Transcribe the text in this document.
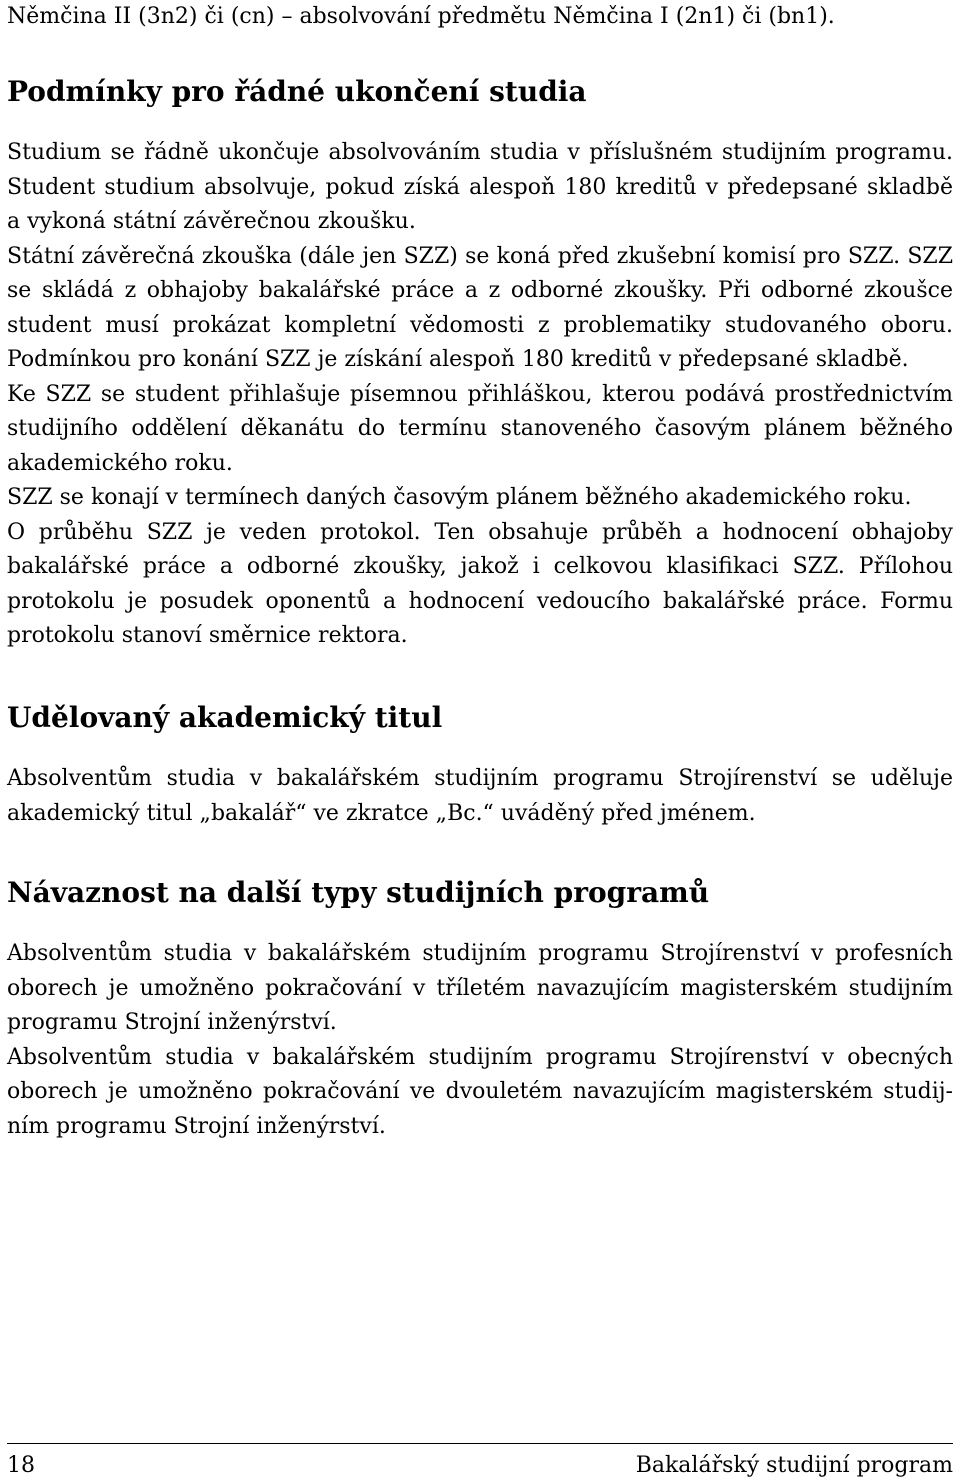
Němčina II (3n2) či (cn) – absolvování předmětu Němčina I (2n1) či (bn1).

Podmínky pro řádné ukončení studia

Studium se řádně ukončuje absolvováním studia v příslušném studijním programu.

Student studium absolvuje, pokud získá alespoň 180 kreditů v předepsané skladbě

a vykoná státní závěrečnou zkoušku.

Státní závěrečná zkouška (dále jen SZZ) se koná před zkušební komisí pro SZZ. SZZ

se skládá z obhajoby bakalářské práce a z odborné zkoušky. Při odborné zkoušce

student musí prokázat kompletní vědomosti z problematiky studovaného oboru.

Podmínkou pro konání SZZ je získání alespoň 180 kreditů v předepsané skladbě.

Ke SZZ se student přihlašuje písemnou přihláškou, kterou podává prostřednictvím

studijního oddělení děkanátu do termínu stanoveného časovým plánem běžného

akademického roku.

SZZ se konají v termínech daných časovým plánem běžného akademického roku.

O průběhu SZZ je veden protokol. Ten obsahuje průběh a hodnocení obhajoby

bakalářské práce a odborné zkoušky, jakož i celkovou klasifikaci SZZ. Přílohou

protokolu je posudek oponentů a hodnocení vedoucího bakalářské práce. Formu

protokolu stanoví směrnice rektora.

Udělovaný akademický titul

Absolventům studia v bakalářském studijním programu Strojírenství se uděluje

akademický titul „bakalář“ ve zkratce „Bc.“ uváděný před jménem.

Návaznost na další typy studijních programů

Absolventům studia v bakalářském studijním programu Strojírenství v profesních

oborech je umožněno pokračování v tříletém navazujícím magisterském studijním

programu Strojní inženýrství.

Absolventům studia v bakalářském studijním programu Strojírenství v obecných

oborech je umožněno pokračování ve dvouletém navazujícím magisterském studij-

ním programu Strojní inženýrství.

18	Bakalářský studijní program
